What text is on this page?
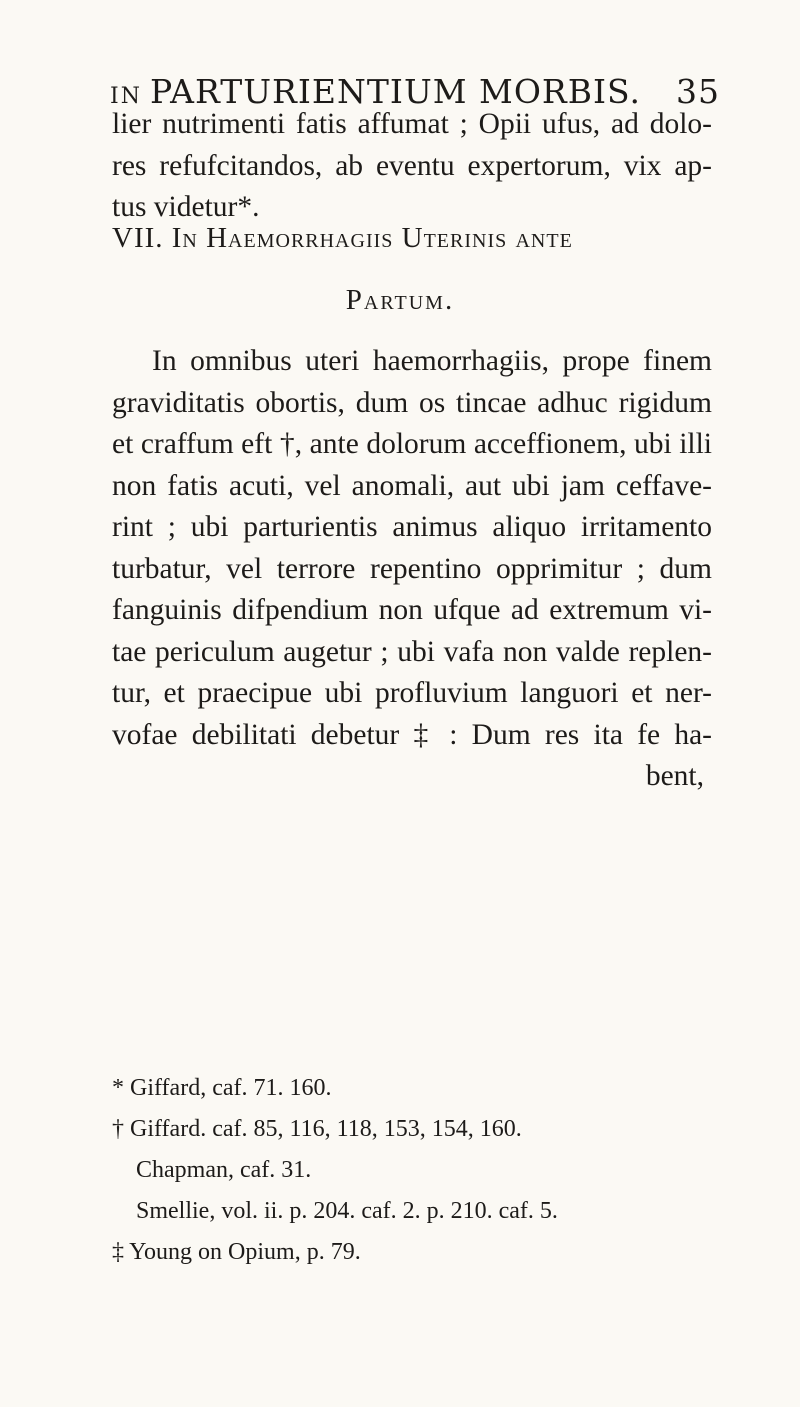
IN PARTURIENTIUM MORBIS. 35
lier nutrimenti fatis affumat ; Opii ufus, ad dolo-
res refufcitandos, ab eventu expertorum, vix ap-
tus videtur*.
VII. In Haemorrhagiis Uterinis ante
Partum.
In omnibus uteri haemorrhagiis, prope finem
graviditatis obortis, dum os tincae adhuc rigidum
et craffum eft †, ante dolorum acceffionem, ubi illi
non fatis acuti, vel anomali, aut ubi jam ceffave-
rint ; ubi parturientis animus aliquo irritamento
turbatur, vel terrore repentino opprimitur ; dum
fanguinis difpendium non ufque ad extremum vi-
tae periculum augetur ; ubi vafa non valde replen-
tur, et praecipue ubi profluvium languori et ner-
vofae debilitati debetur ‡ : Dum res ita fe ha-
bent,
* Giffard, caf. 71. 160.
† Giffard. caf. 85, 116, 118, 153, 154, 160.
Chapman, caf. 31.
Smellie, vol. ii. p. 204. caf. 2. p. 210. caf. 5.
‡ Young on Opium, p. 79.
